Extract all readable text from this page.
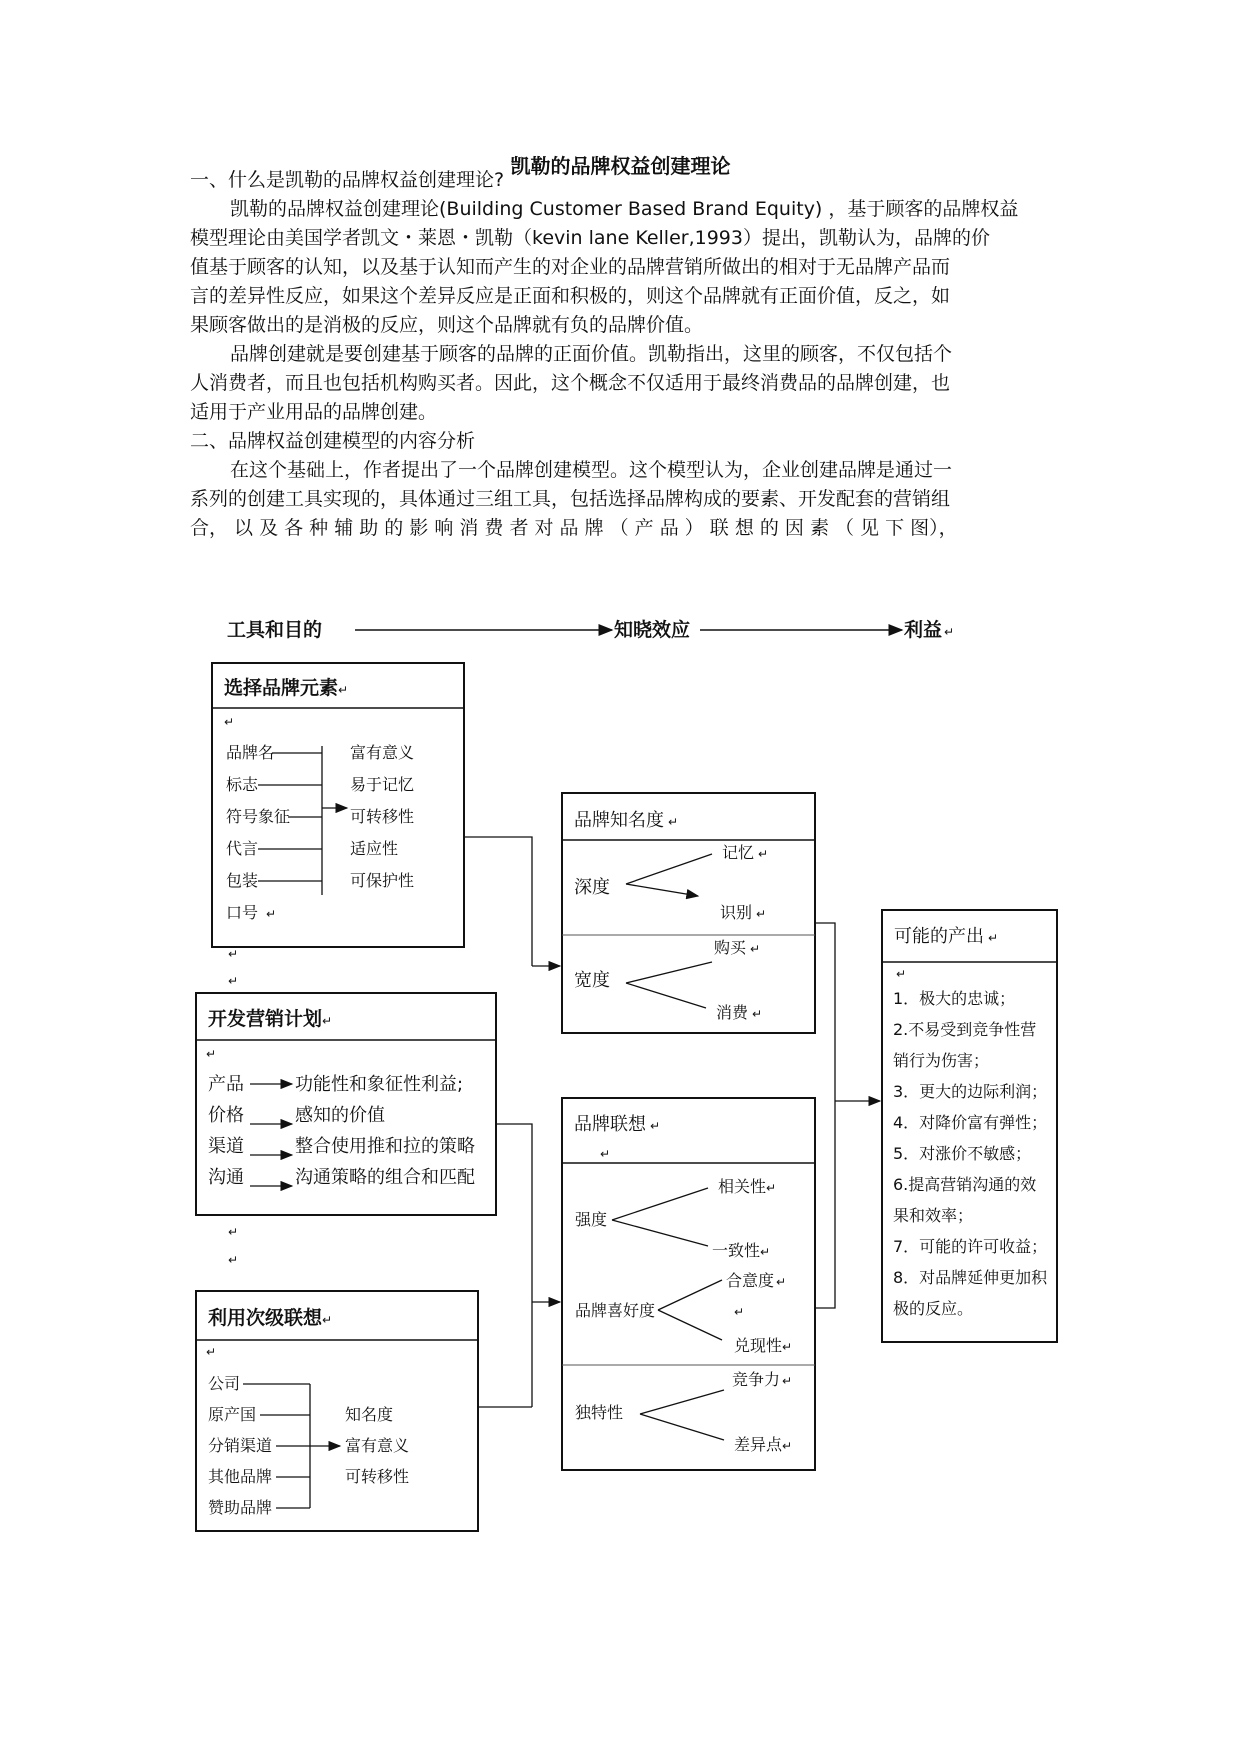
凯勒的品牌权益创建理论
一、什么是凯勒的品牌权益创建理论?
凯勒的品牌权益创建理论(Building Customer Based Brand Equity) ，基于顾客的品牌权益
模型理论由美国学者凯文・莱恩・凯勒（kevin lane Keller,1993）提出，凯勒认为，品牌的价
值基于顾客的认知，以及基于认知而产生的对企业的品牌营销所做出的相对于无品牌产品而
言的差异性反应，如果这个差异反应是正面和积极的，则这个品牌就有正面价值，反之，如
果顾客做出的是消极的反应，则这个品牌就有负的品牌价值。
品牌创建就是要创建基于顾客的品牌的正面价值。凯勒指出，这里的顾客，不仅包括个
人消费者，而且也包括机构购买者。因此，这个概念不仅适用于最终消费品的品牌创建，也
适用于产业用品的品牌创建。
二、品牌权益创建模型的内容分析
在这个基础上，作者提出了一个品牌创建模型。这个模型认为，企业创建品牌是通过一
系列的创建工具实现的，具体通过三组工具，包括选择品牌构成的要素、开发配套的营销组
合， 以 及 各 种 辅 助 的 影 响 消 费 者 对 品 牌 （ 产 品 ） 联 想 的 因 素 （ 见 下 图），
工具和目的	知晓效应	利益 ↵
选择品牌元素 ↵
↵
品牌名
标志
符号象征
代言
包装
口号 ↵
富有意义
易于记忆
可转移性
适应性
可保护性
↵
↵
开发营销计划 ↵
↵
产品
价格
渠道
沟通
功能性和象征性利益;
感知的价值
整合使用推和拉的策略
沟通策略的组合和匹配
↵
↵
利用次级联想 ↵
↵
公司
原产国
分销渠道
其他品牌
赞助品牌
知名度
富有意义
可转移性
品牌知名度 ↵
深度
记忆 ↵
识别 ↵
宽度
购买 ↵
消费 ↵
品牌联想 ↵
↵
强度
相关性 ↵
一致性 ↵
品牌喜好度
合意度 ↵
↵
兑现性 ↵
独特性
竞争力 ↵
差异点 ↵
可能的产出 ↵
↵
1．极大的忠诚；
2.不易受到竞争性营
销行为伤害；
3．更大的边际利润；
4．对降价富有弹性；
5．对涨价不敏感；
6.提高营销沟通的效
果和效率；
7．可能的许可收益；
8．对品牌延伸更加积
极的反应。
